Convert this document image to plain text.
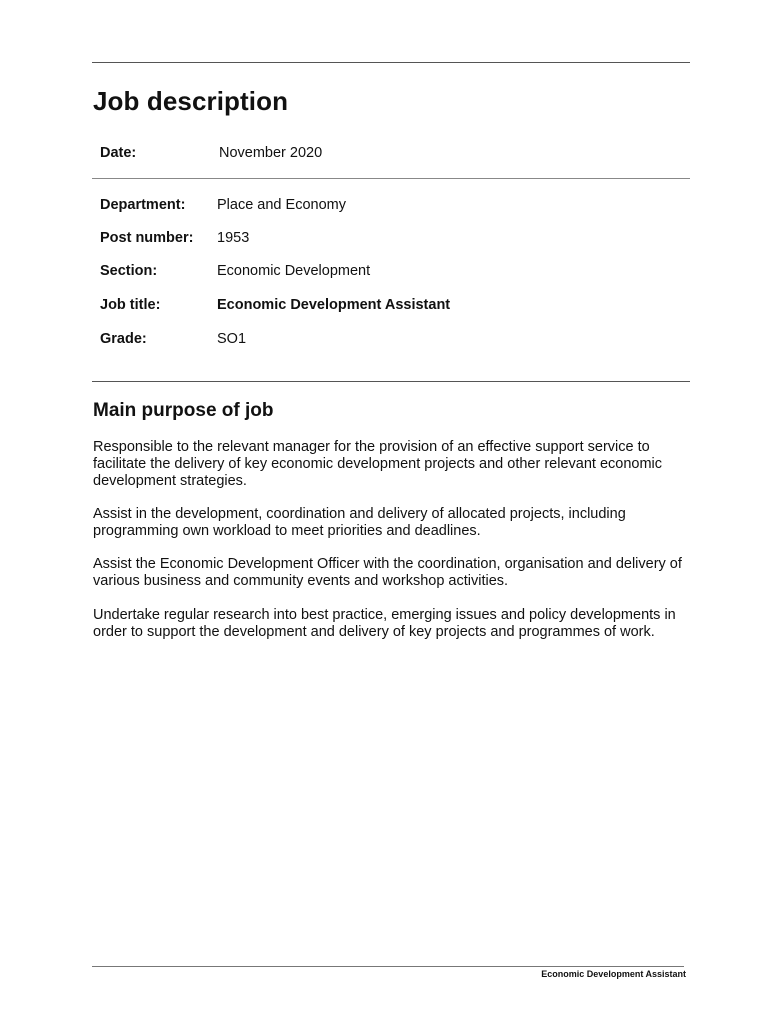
Job description
Date:	November 2020
Department: Place and Economy
Post number: 1953
Section:	Economic Development
Job title:	Economic Development Assistant
Grade:	SO1
Main purpose of job

Responsible to the relevant manager for the provision of an effective support service to facilitate the delivery of key economic development projects and other relevant economic development strategies.

Assist in the development, coordination and delivery of allocated projects, including programming own workload to meet priorities and deadlines.

Assist the Economic Development Officer with the coordination, organisation and delivery of various business and community events and workshop activities.

Undertake regular research into best practice, emerging issues and policy developments in order to support the development and delivery of key projects and programmes of work.

Economic Development Assistant
